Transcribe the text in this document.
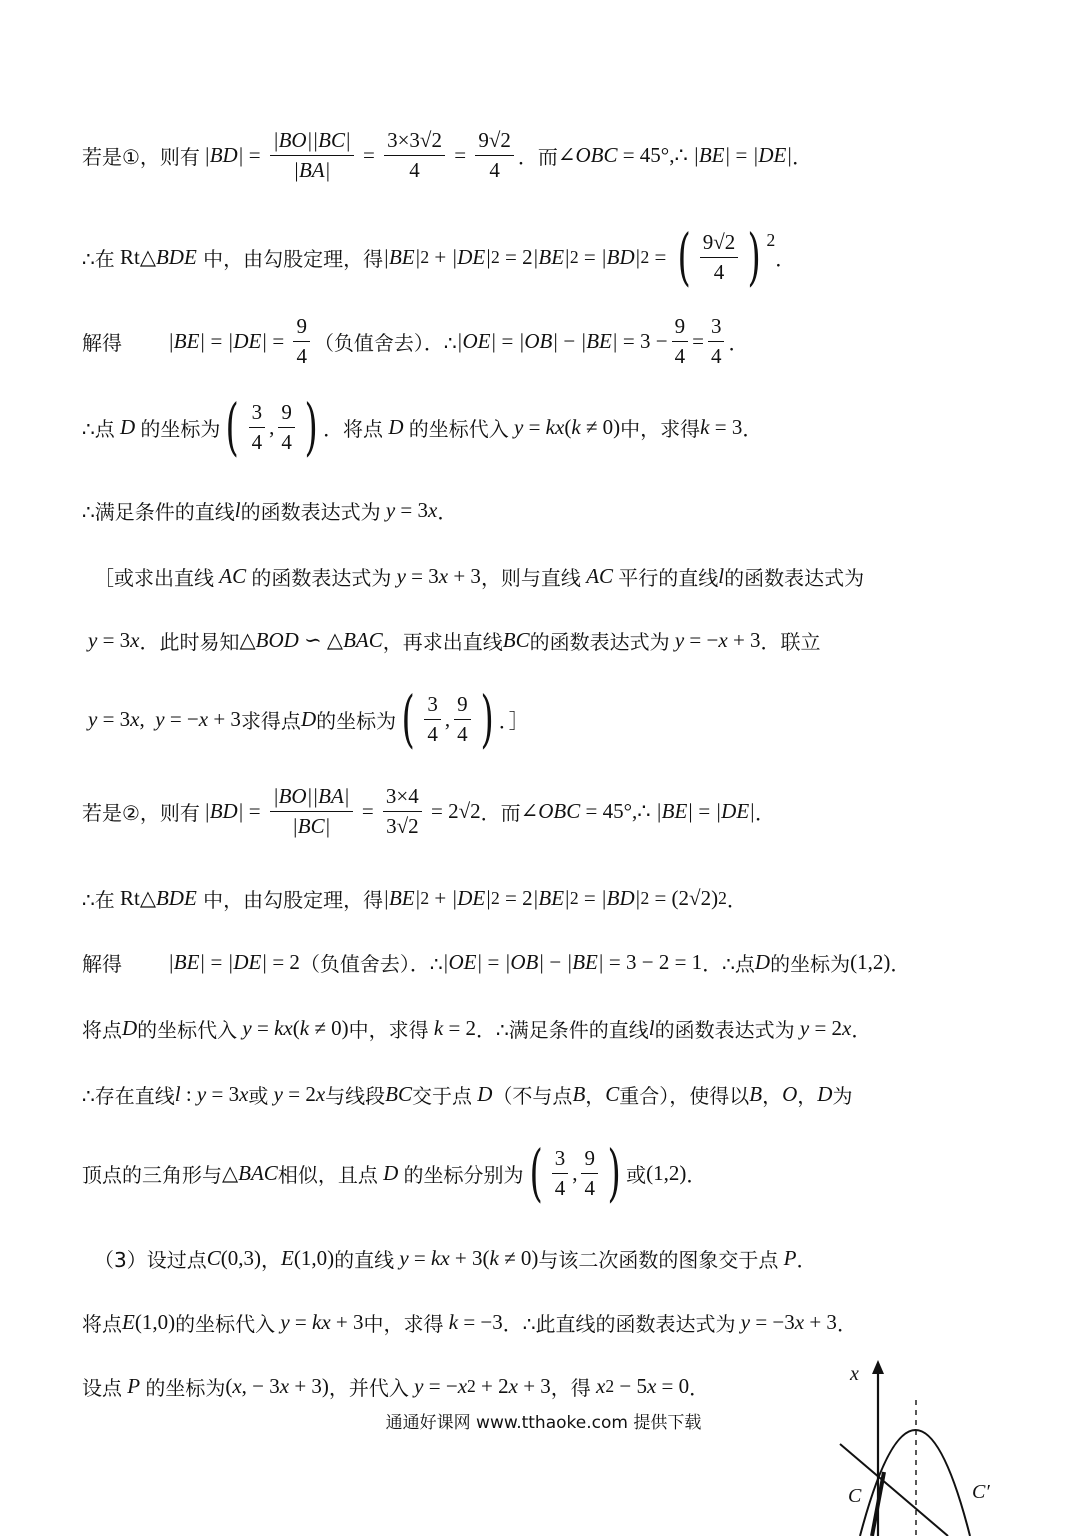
若是①，则有 $|BD| = \frac{|BO||BC|}{|BA|} = \frac{3\times 3√2}{4} = \frac{9√2}{4}$ ．而 ∠ OBC = 45°,∴ |BE| = |DE| ．
∴在 Rt△ BDE 中，由勾股定理，得 |BE| 2 + |DE| 2 = 2 |BE| 2 = |BD| 2 = ( $\frac{9√2}{4}$ ) $^2$
．
解得 $|BE| = |DE| = \frac{9}{4}$ （负值舍去）．∴ $|OE| = |OB| - |BE| = 3 - \frac{9}{4} = \frac{3}{4}$ ．
∴点 D 的坐标为 ( $\frac{3}{4}$ , $\frac{9}{4}$ ) ．将点 D 的坐标代入 y = kx ( k ≠ 0) 中，求得 k = 3 ．
∴满足条件的直线 l 的函数表达式为 y = 3 x ．
［或求出直线 AC 的函数表达式为 y = 3 x + 3 ，则与直线 AC 平行的直线 l 的函数表达式为
y = 3 x ．此时易知 △ BOD ∽ △ BAC ，再求出直线 BC 的函数表达式为 y = − x + 3 ．联立
y = 3 x , y = − x + 3 求得点 D 的坐标为 ( $\frac{3}{4}$ , $\frac{9}{4}$ ) ．］
若是②，则有 $|BD| = \frac{|BO||BA|}{|BC|} = \frac{3\times 4}{3√2} = 2√2$ ．而 ∠ OBC = 45°,∴ |BE| = |DE| ．
∴在 Rt△ BDE 中，由勾股定理，得 |BE| 2 + |DE| 2 = 2 |BE| 2 = |BD| 2 = (2√2) 2 ．
解得 |BE| = |DE| = 2 （负值舍去）．∴ |OE| = |OB| − |BE| = 3 − 2 = 1 ．∴点 D 的坐标为 (1,2) ．
将点 D 的坐标代入 y = kx ( k ≠ 0) 中，求得 k = 2 ．∴满足条件的直线 l 的函数表达式为 y = 2 x ．
∴存在直线 l : y = 3 x 或 y = 2 x 与线段 BC 交于点 D （不与点 B ， C 重合），使得以 B ， O ， D 为
顶点的三角形与 △ BAC 相似，且点 D 的坐标分别为 ( $\frac{3}{4}$ , $\frac{9}{4}$ ) 或 (1,2) ．
（3）设过点 C (0,3) ， E (1,0) 的直线 y = kx + 3( k ≠ 0) 与该二次函数的图象交于点 P ．
将点 E (1,0) 的坐标代入 y = kx + 3 中，求得 k = −3 ．∴此直线的函数表达式为 y = −3 x + 3 ．
设点 P 的坐标为 ( x , − 3 x + 3) ，并代入 y = − x 2 + 2 x + 3 ，得 x 2 − 5 x = 0 ．
通通好课网 www.tthaoke.com 提供下载
x
C	C′
